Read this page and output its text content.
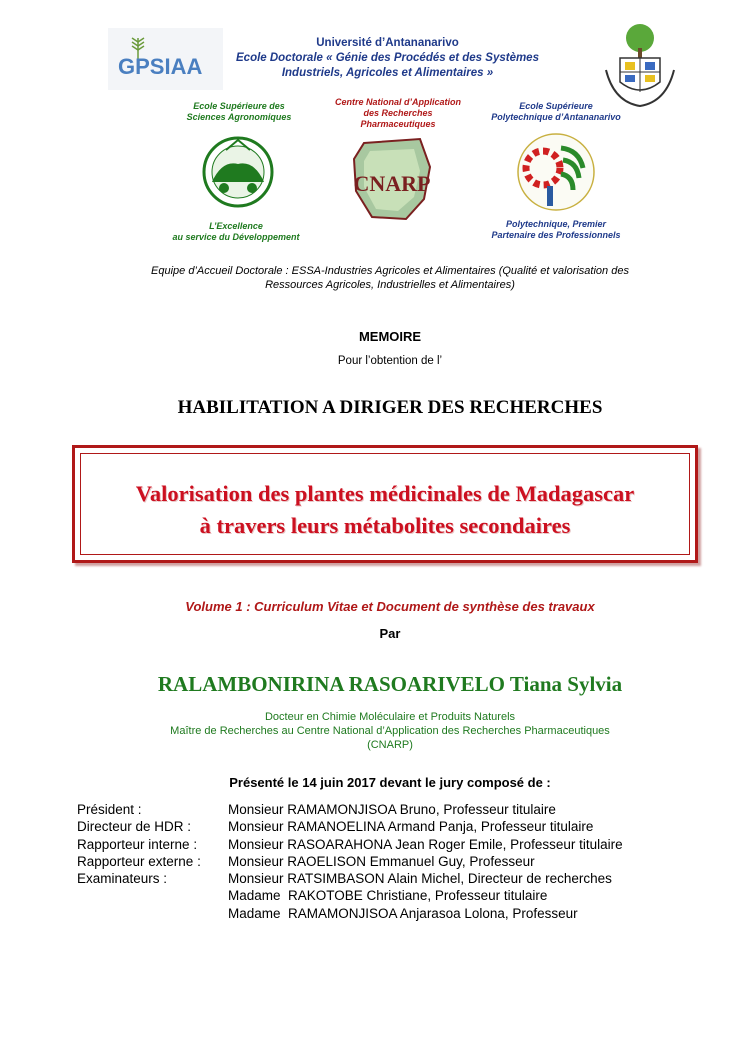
GPSIAA
Université d’Antananarivo
Ecole Doctorale « Génie des Procédés et des Systèmes
Industriels, Agricoles et Alimentaires »
Ecole Supérieure des
Sciences Agronomiques
L’Excellence
au service du Développement
Centre National d’Application
des Recherches
Pharmaceutiques
CNARP
Ecole Supérieure
Polytechnique d’Antananarivo
Polytechnique, Premier
Partenaire des Professionnels
Equipe d’Accueil Doctorale : ESSA-Industries Agricoles et Alimentaires (Qualité et valorisation des
Ressources Agricoles, Industrielles et Alimentaires)
MEMOIRE
Pour l’obtention de l’
HABILITATION A DIRIGER DES RECHERCHES
Valorisation des plantes médicinales de Madagascar
à travers leurs métabolites secondaires
Volume 1 : Curriculum Vitae et Document de synthèse des travaux
Par
RALAMBONIRINA RASOARIVELO Tiana Sylvia
Docteur en Chimie Moléculaire et Produits Naturels
Maître de Recherches au Centre National d’Application des Recherches Pharmaceutiques
(CNARP)
Présenté le 14 juin 2017 devant le jury composé de :
Président :	Monsieur RAMAMONJISOA Bruno, Professeur titulaire
Directeur de HDR :	Monsieur RAMANOELINA Armand Panja, Professeur titulaire
Rapporteur interne :	Monsieur RASOARAHONA Jean Roger Emile, Professeur titulaire
Rapporteur externe :	Monsieur RAOELISON Emmanuel Guy, Professeur
Examinateurs :	Monsieur RATSIMBASON Alain Michel, Directeur de recherches
Madame  RAKOTOBE Christiane, Professeur titulaire
Madame  RAMAMONJISOA Anjarasoa Lolona, Professeur
